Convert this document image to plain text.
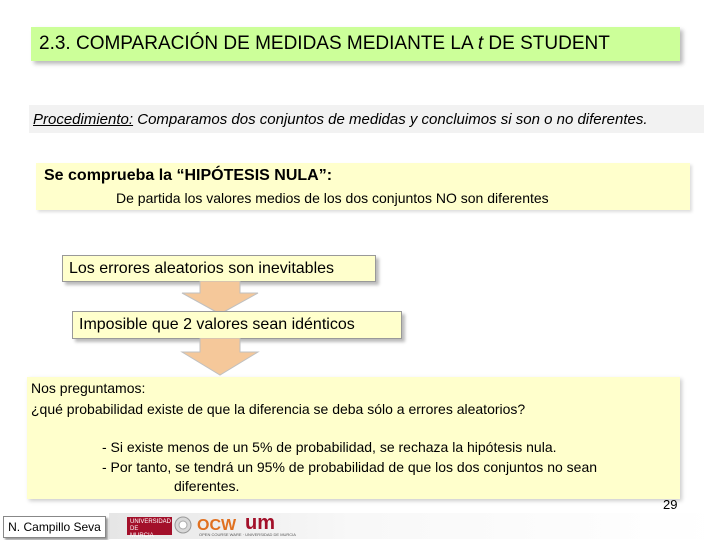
2.3. COMPARACIÓN DE MEDIDAS MEDIANTE LA t DE STUDENT
Procedimiento: Comparamos dos conjuntos de medidas y concluimos si son o no diferentes.
Se comprueba la “HIPÓTESIS NULA”:
De partida los valores medios de los dos conjuntos NO son diferentes
Los errores aleatorios son inevitables
Imposible que 2 valores sean idénticos
Nos preguntamos:
¿qué probabilidad existe de que la diferencia se deba sólo a errores aleatorios?
- Si existe menos de un 5% de probabilidad, se rechaza la hipótesis nula.
- Por tanto, se tendrá un 95% de probabilidad de que los dos conjuntos no sean
diferentes.
29
N. Campillo Seva	UNIVERSIDAD DE
MURCIA
OCW um
OPEN COURSE WARE · UNIVERSIDAD DE MURCIA
